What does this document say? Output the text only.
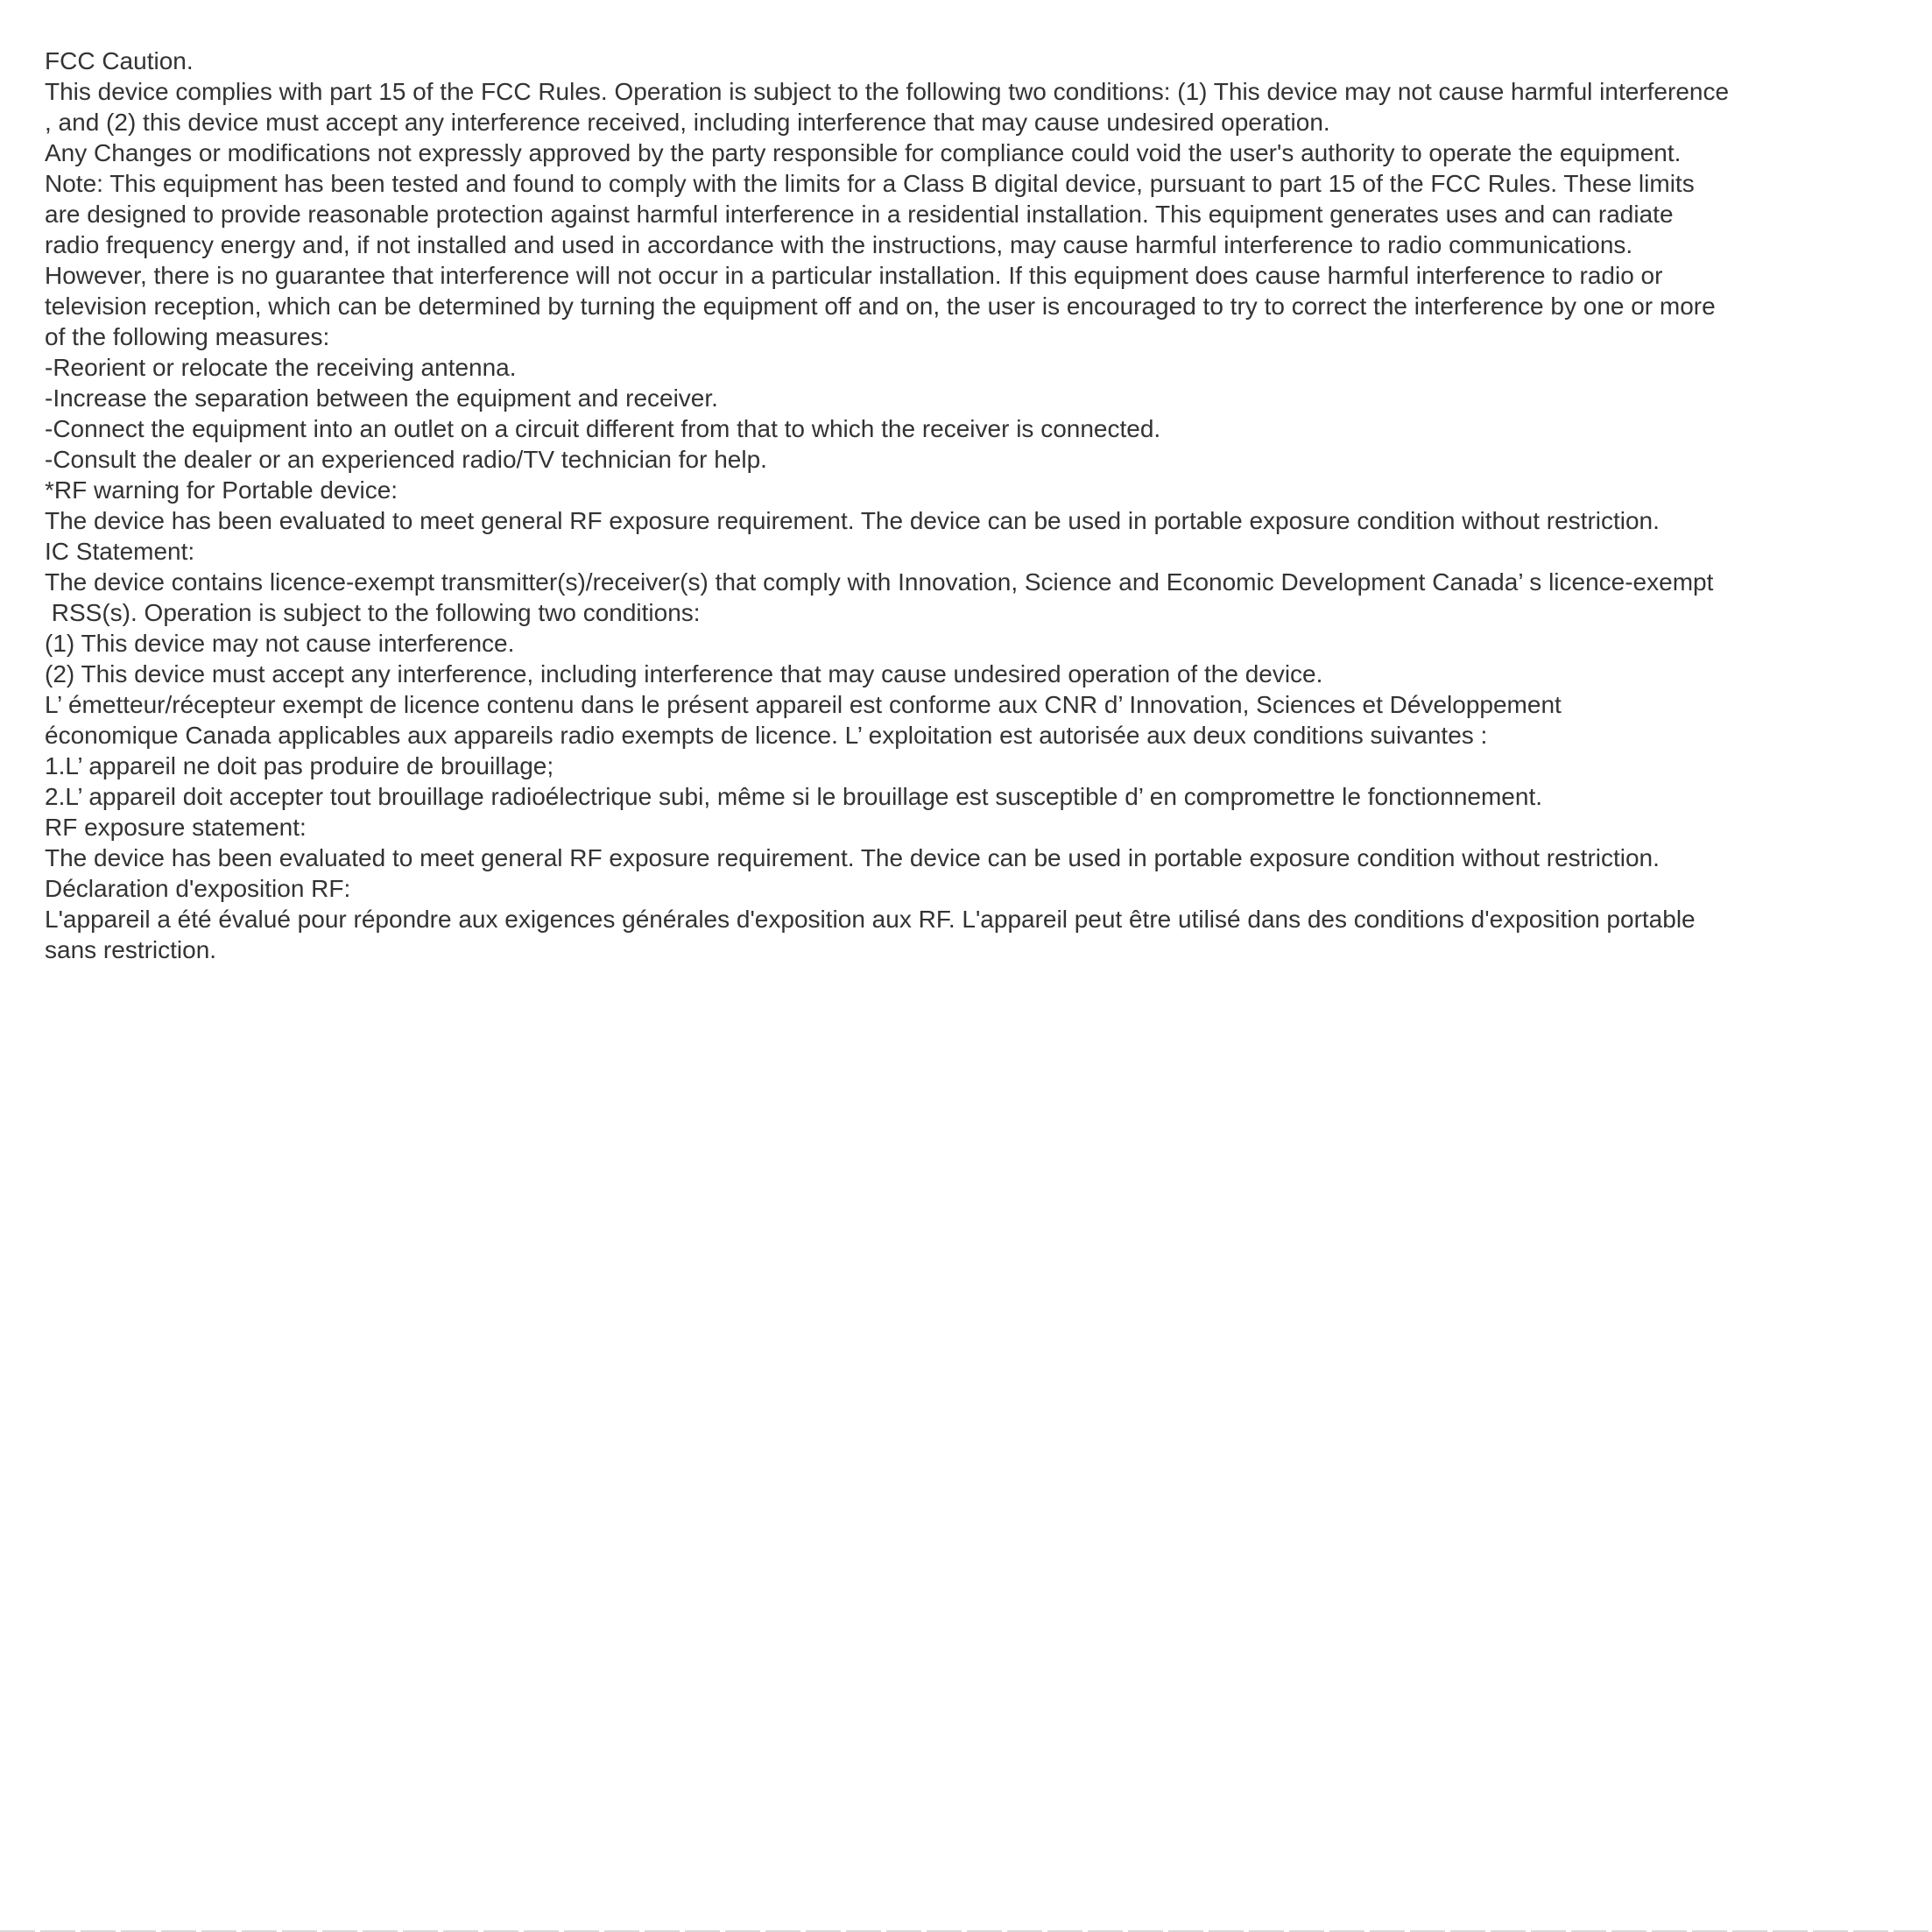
FCC Caution.
This device complies with part 15 of the FCC Rules. Operation is subject to the following two conditions: (1) This device may not cause harmful interference
, and (2) this device must accept any interference received, including interference that may cause undesired operation.
Any Changes or modifications not expressly approved by the party responsible for compliance could void the user's authority to operate the equipment.
Note: This equipment has been tested and found to comply with the limits for a Class B digital device, pursuant to part 15 of the FCC Rules. These limits
are designed to provide reasonable protection against harmful interference in a residential installation. This equipment generates uses and can radiate
radio frequency energy and, if not installed and used in accordance with the instructions, may cause harmful interference to radio communications.
However, there is no guarantee that interference will not occur in a particular installation. If this equipment does cause harmful interference to radio or
television reception, which can be determined by turning the equipment off and on, the user is encouraged to try to correct the interference by one or more
of the following measures:
-Reorient or relocate the receiving antenna.
-Increase the separation between the equipment and receiver.
-Connect the equipment into an outlet on a circuit different from that to which the receiver is connected.
-Consult the dealer or an experienced radio/TV technician for help.
*RF warning for Portable device:
The device has been evaluated to meet general RF exposure requirement. The device can be used in portable exposure condition without restriction.
IC Statement:
The device contains licence-exempt transmitter(s)/receiver(s) that comply with Innovation, Science and Economic Development Canada’ s licence-exempt
RSS(s). Operation is subject to the following two conditions:
(1) This device may not cause interference.
(2) This device must accept any interference, including interference that may cause undesired operation of the device.
L’ émetteur/récepteur exempt de licence contenu dans le présent appareil est conforme aux CNR d’ Innovation, Sciences et Développement
économique Canada applicables aux appareils radio exempts de licence. L’ exploitation est autorisée aux deux conditions suivantes :
1.L’ appareil ne doit pas produire de brouillage;
2.L’ appareil doit accepter tout brouillage radioélectrique subi, même si le brouillage est susceptible d’ en compromettre le fonctionnement.
RF exposure statement:
The device has been evaluated to meet general RF exposure requirement. The device can be used in portable exposure condition without restriction.
Déclaration d'exposition RF:
L'appareil a été évalué pour répondre aux exigences générales d'exposition aux RF. L'appareil peut être utilisé dans des conditions d'exposition portable
sans restriction.
